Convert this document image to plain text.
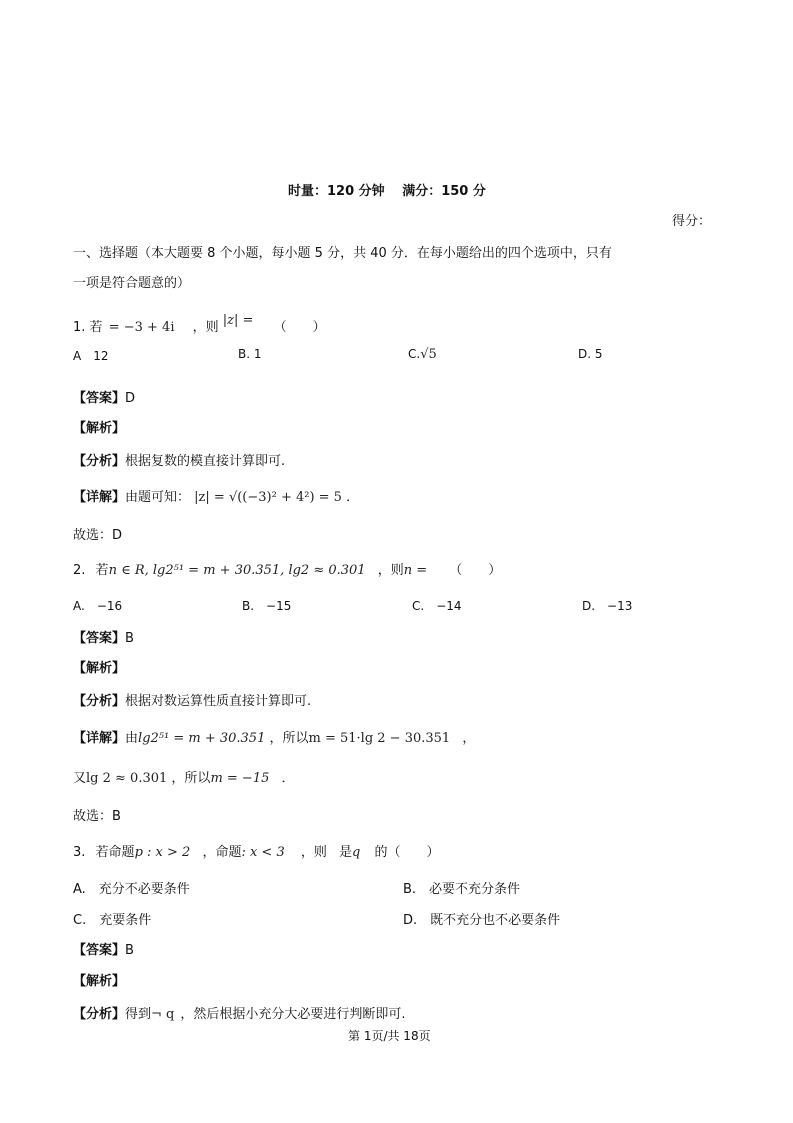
时量：120 分钟　 满分：150 分
得分：
一、选择题（本大题要 8 个小题，每小题 5 分，共 40 分．在每小题给出的四个选项中，只有
一项是符合题意的）
1. 若 = −3 + 4i ，则 |z| = （　　）
A　12	B. 1	C.√5	D. 5
【答案】D
【解析】
【分析】根据复数的模直接计算即可.
【详解】由题可知： |z| = √((−3)² + 4²) = 5 ．
故选：D
2. 若n ∈ R, lg2⁵¹ = m + 30.351, lg2 ≈ 0.301 ，则n = （　　）
A.　−16	B.　−15	C.　−14	D.　−13
【答案】B
【解析】
【分析】根据对数运算性质直接计算即可.
【详解】由lg2⁵¹ = m + 30.351 ，所以m = 51·lg 2 − 30.351 ，
又lg 2 ≈ 0.301 ，所以m = −15 ．
故选：B
3. 若命题p : x > 2 ，命题: x < 3 ，则 是q 的（　　）
A.　充分不必要条件	B.　必要不充分条件
C.　充要条件	D.　既不充分也不必要条件
【答案】B
【解析】
【分析】得到¬ q ，然后根据小充分大必要进行判断即可.
第 1页/共 18页
